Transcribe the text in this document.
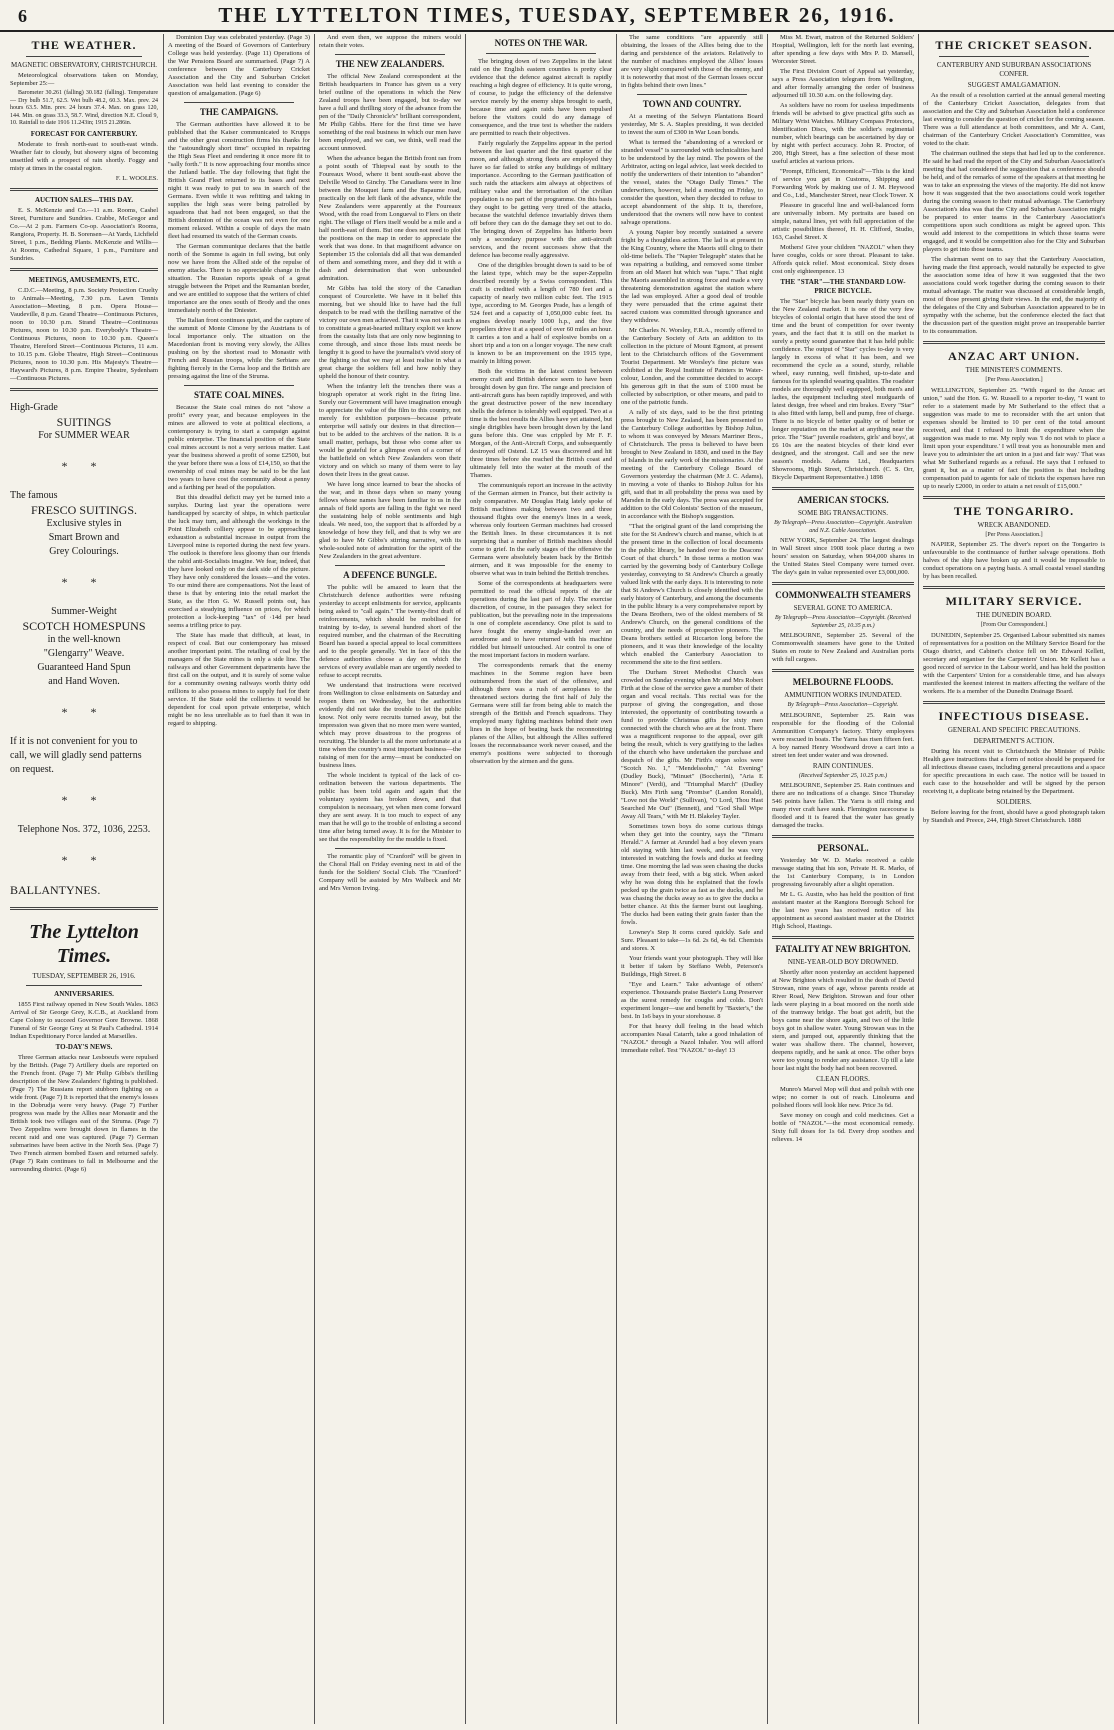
6	THE LYTTELTON TIMES, TUESDAY, SEPTEMBER 26, 1916.
THE WEATHER.
MAGNETIC OBSERVATORY, CHRISTCHURCH.

Meteorological observations taken on Monday, September 25:—

Barometer 30.261 (falling) 30.182 (falling). Temperature— Dry bulb 51.7, 62.5. Wet bulb 48.2, 60.3. Max. prev. 24 hours 63.5. Min. prev. 24 hours 37.4. Max. on grass 120, 144. Min. on grass 33.3, 58.7. Wind, direction N.E. Cloud 9, 10. Rainfall to date 1916 11.243in; 1915 21.286in.

FORECAST FOR CANTERBURY.

Moderate to fresh north-east to south-east winds. Weather fair to cloudy, but showery signs of becoming unsettled with a prospect of rain shortly. Foggy and misty at times in the coastal region.

F. L. WOOLES.
AUCTION SALES—THIS DAY.

E. S. McKenzie and Co.—11 a.m. Rooms, Cashel Street, Furniture and Sundries. Crabbe, McGregor and Co.—At 2 p.m. Farmers Co-op. Association's Rooms, Rangiora, Property. H. B. Sorensen—At Yards, Lichfield Street, 1 p.m., Bedding Plants. McKenzie and Willis—At Rooms, Cathedral Square, 1 p.m., Furniture and Sundries.

MEETINGS, AMUSEMENTS, ETC.

C.D.C.—Meeting, 8 p.m. Society Protection Cruelty to Animals—Meeting, 7.30 p.m. Lawn Tennis Association—Meeting, 8 p.m. Opera House—Vaudeville, 8 p.m. Grand Theatre—Continuous Pictures, noon to 10.30 p.m. Strand Theatre—Continuous Pictures, noon to 10.30 p.m. Everybody's Theatre—Continuous Pictures, noon to 10.30 p.m. Queen's Theatre, Hereford Street—Continuous Pictures, 11 a.m. to 10.15 p.m. Globe Theatre, High Street—Continuous Pictures, noon to 10.30 p.m. His Majesty's Theatre—Hayward's Pictures, 8 p.m. Empire Theatre, Sydenham—Continuous Pictures.

High-Grade
SUITINGS
For SUMMER WEAR
* *
The famous
FRESCO SUITINGS.
Exclusive styles in
Smart Brown and
Grey Colourings.
* *
Summer-Weight
SCOTCH HOMESPUNS
in the well-known
"Glengarry" Weave.
Guaranteed Hand Spun
and Hand Woven.
* *
If it is not convenient for you to
call, we will gladly send patterns
on request.
* *
Telephone Nos. 372, 1036, 2253.
* *
BALLANTYNES.
The Lyttelton Times.
TUESDAY, SEPTEMBER 26, 1916.
ANNIVERSARIES.

1855 First railway opened in New South Wales. 1863 Arrival of Sir George Grey, K.C.B., at Auckland from Cape Colony to succeed Governor Gore Browne. 1868 Funeral of Sir George Grey at St Paul's Cathedral. 1914 Indian Expeditionary Force landed at Marseilles.

TO-DAY'S NEWS.

Three German attacks near Lesboeufs were repulsed by the British. (Page 7) Artillery duels are reported on the French front. (Page 7) Mr Philip Gibbs's thrilling description of the New Zealanders' fighting is published. (Page 7) The Russians report stubborn fighting on a wide front. (Page 7) It is reported that the enemy's losses in the Dobrudja were very heavy. (Page 7) Further progress was made by the Allies near Monastir and the British took two villages east of the Struma. (Page 7) Two Zeppelins were brought down in flames in the recent raid and one was captured. (Page 7) German submarines have been active in the North Sea. (Page 7) Two French airmen bombed Essen and returned safely. (Page 7) Rain continues to fall in Melbourne and the surrounding district. (Page 6)

Dominion Day was celebrated yesterday. (Page 3) A meeting of the Board of Governors of Canterbury College was held yesterday. (Page 11) Operations of the War Pensions Board are summarised. (Page 7) A conference between the Canterbury Cricket Association and the City and Suburban Cricket Association was held last evening to consider the question of amalgamation. (Page 6)

THE CAMPAIGNS.

The German authorities have allowed it to be published that the Kaiser communicated to Krupps and the other great construction firms his thanks for the "astoundingly short time" occupied in repairing the High Seas Fleet and rendering it once more fit to "sally forth." It is now approaching four months since the Jutland battle. The day following that fight the British Grand Fleet returned to its bases and next night it was ready to put to sea in search of the Germans. Even while it was refitting and taking in supplies the high seas were being patrolled by squadrons that had not been engaged, so that the British dominion of the ocean was not even for one moment relaxed. Within a couple of days the main fleet had resumed its watch of the German coasts.

The German communique declares that the battle north of the Somme is again in full swing, but only now we have from the Allied side of the repulse of enemy attacks. There is no appreciable change in the situation. The Russian reports speak of a great struggle between the Pripet and the Rumanian border, and we are entitled to suppose that the writers of chief importance are the ones south of Brody and the ones immediately north of the Dniester.

The Italian front continues quiet, and the capture of the summit of Monte Cimone by the Austrians is of local importance only. The situation on the Macedonian front is moving very slowly, the Allies pushing on by the shortest road to Monastir with French and Russian troops, while the Serbians are fighting fiercely in the Cerna loop and the British are pressing against the line of the Struma.

STATE COAL MINES.

Because the State coal mines do not "show a profit" every year, and because employees in the mines are allowed to vote at political elections, a contemporary is trying to start a campaign against public enterprise. The financial position of the State coal mines account is not a very serious matter. Last year the business showed a profit of some £2500, but the year before there was a loss of £14,150, so that the ownership of coal mines may be said to be the last two years to have cost the community about a penny and a farthing per head of the population.

But this dreadful deficit may yet be turned into a surplus. During last year the operations were handicapped by scarcity of ships, in which particular the luck may turn, and although the workings in the Point Elizabeth colliery appear to be approaching exhaustion a substantial increase in output from the Liverpool mine is reported during the next few years. The outlook is therefore less gloomy than our friends the rabid anti-Socialists imagine. We fear, indeed, that they have looked only on the dark side of the picture. They have only considered the losses—and the votes. To our mind there are compensations. Not the least of these is that by entering into the retail market the State, as the Hon G. W. Russell points out, has exercised a steadying influence on prices, for which protection a lock-keeping "tax" of ·14d per head seems a trifling price to pay.

The State has made that difficult, at least, in respect of coal. But our contemporary has missed another important point. The retailing of coal by the managers of the State mines is only a side line. The railways and other Government departments have the first call on the output, and it is surely of some value for a community owning railways worth thirty odd millions to also possess mines to supply fuel for their service. If the State sold the collieries it would be dependent for coal upon private enterprise, which might be no less unreliable as to fuel than it was in regard to shipping.

And even then, we suppose the miners would retain their votes.

THE NEW ZEALANDERS.

The official New Zealand correspondent at the British headquarters in France has given us a very brief outline of the operations in which the New Zealand troops have been engaged, but to-day we have a full and thrilling story of the advance from the pen of the "Daily Chronicle's" brilliant correspondent, Mr Philip Gibbs. Here for the first time we have something of the real business in which our men have been employed, and we can, we think, well read the account unmoved.

When the advance began the British front ran from a point south of Thiepval east by south to the Foureaux Wood, where it bent south-east above the Delville Wood to Ginchy. The Canadians were in line between the Mouquet farm and the Bapaume road, practically on the left flank of the advance, while the New Zealanders were apparently at the Foureaux Wood, with the road from Longueval to Flers on their right. The village of Flers itself would be a mile and a half north-east of them. But one does not need to plot the positions on the map in order to appreciate the work that was done. In that magnificent advance on September 15 the colonials did all that was demanded of them and something more, and they did it with a dash and determination that won unbounded admiration.

Mr Gibbs has told the story of the Canadian conquest of Courcelette. We have in it belief this morning, but we should like to have had the full despatch to be read with the thrilling narrative of the victory our own men achieved. That it was not such as to constitute a great-hearted military exploit we know from the casualty lists that are only now beginning to come through, and since those lists must needs be lengthy it is good to have the journalist's vivid story of the fighting so that we may at least realise in what a great charge the soldiers fell and how nobly they upheld the honour of their country.

When the infantry left the trenches there was a biograph operator at work right in the firing line. Surely our Government will have imagination enough to appreciate the value of the film to this country, not merely for exhibition purposes—because private enterprise will satisfy our desires in that direction—but to be added to the archives of the nation. It is a small matter, perhaps, but those who come after us would be grateful for a glimpse even of a corner of the battlefield on which New Zealanders won their victory and on which so many of them were to lay down their lives in the great cause.

We have long since learned to bear the shocks of the war, and in those days when so many young fellows whose names have been familiar to us in the annals of field sports are falling in the fight we need the sustaining help of noble sentiments and high ideals. We need, too, the support that is afforded by a knowledge of how they fell, and that is why we are glad to have Mr Gibbs's stirring narrative, with its whole-souled note of admiration for the spirit of the New Zealanders in the great adventure.

A DEFENCE BUNGLE.

The public will be amazed to learn that the Christchurch defence authorities were refusing yesterday to accept enlistments for service, applicants being asked to "call again." The twenty-first draft of reinforcements, which should be mobilised for training by to-day, is several hundred short of the required number, and the chairman of the Recruiting Board has issued a special appeal to local committees and to the people generally. Yet in face of this the defence authorities choose a day on which the services of every available man are urgently needed to refuse to accept recruits.

We understand that instructions were received from Wellington to close enlistments on Saturday and reopen them on Wednesday, but the authorities evidently did not take the trouble to let the public know. Not only were recruits turned away, but the impression was given that no more men were wanted, which may prove disastrous to the progress of recruiting. The blunder is all the more unfortunate at a time when the country's most important business—the raising of men for the army—must be conducted on business lines.

The whole incident is typical of the lack of co-ordination between the various departments. The public has been told again and again that the voluntary system has broken down, and that compulsion is necessary, yet when men come forward they are sent away. It is too much to expect of any man that he will go to the trouble of enlisting a second time after being turned away. It is for the Minister to see that the responsibility for the muddle is fixed.

The romantic play of "Cranford" will be given in the Choral Hall on Friday evening next in aid of the funds for the Soldiers' Social Club. The "Cranford" Company will be assisted by Mrs Walbeck and Mr and Mrs Vernon Irving.

NOTES ON THE WAR.

The bringing down of two Zeppelins in the latest raid on the English eastern counties is pretty clear evidence that the defence against aircraft is rapidly reaching a high degree of efficiency. It is quite wrong, of course, to judge the efficiency of the defensive service merely by the enemy ships brought to earth, because time and again raids have been repulsed before the visitors could do any damage of consequence, and the true test is whether the raiders are permitted to reach their objectives.

Fairly regularly the Zeppelins appear in the period between the last quarter and the first quarter of the moon, and although strong fleets are employed they have so far failed to strike any buildings of military importance. According to the German justification of such raids the attackers aim always at objectives of military value and the terrorisation of the civilian population is no part of the programme. On this basis they ought to be getting very tired of the attacks, because the watchful defence invariably drives them off before they can do the damage they set out to do. The bringing down of Zeppelins has hitherto been only a secondary purpose with the anti-aircraft services, and the recent successes show that the defence has become really aggressive.

One of the dirigibles brought down is said to be of the latest type, which may be the super-Zeppelin described recently by a Swiss correspondent. This craft is credited with a length of 780 feet and a capacity of nearly two million cubic feet. The 1915 type, according to M. Georges Prade, has a length of 524 feet and a capacity of 1,050,000 cubic feet. Its engines develop nearly 1000 h.p., and the five propellers drive it at a speed of over 60 miles an hour. It carries a ton and a half of explosive bombs on a short trip and a ton on a longer voyage. The new craft is known to be an improvement on the 1915 type, mainly in lifting power.

Both the victims in the latest contest between enemy craft and British defence seem to have been brought down by gun fire. The range and precision of anti-aircraft guns has been rapidly improved, and with the great destructive power of the new incendiary shells the defence is tolerably well equipped. Two at a time is the best results the Allies have yet attained, but single dirigibles have been brought down by the land guns before this. One was crippled by Mr F. F. Morgan, of the Anti-Aircraft Corps, and subsequently destroyed off Ostend. LZ 15 was discovered and hit three times before she reached the British coast and ultimately fell into the water at the mouth of the Thames.

The communiqués report an increase in the activity of the German airmen in France, but their activity is only comparative. Mr Douglas Haig lately spoke of British machines making between two and three thousand flights over the enemy's lines in a week, whereas only fourteen German machines had crossed the British lines. In these circumstances it is not surprising that a number of British machines should come to grief. In the early stages of the offensive the Germans were absolutely beaten back by the British airmen, and it was impossible for the enemy to observe what was in train behind the British trenches.

Some of the correspondents at headquarters were permitted to read the official reports of the air operations during the last part of July. The exercise discretion, of course, in the passages they select for publication, but the prevailing note in the impressions is one of complete ascendancy. One pilot is said to have fought the enemy single-handed over an aerodrome and to have returned with his machine riddled but himself untouched. Air control is one of the most important factors in modern warfare.

The correspondents remark that the enemy machines in the Somme region have been outnumbered from the start of the offensive, and although there was a rush of aeroplanes to the threatened sectors during the first half of July the Germans were still far from being able to match the strength of the British and French squadrons. They employed many fighting machines behind their own lines in the hope of beating back the reconnoitring planes of the Allies, but although the Allies suffered losses the reconnaissance work never ceased, and the enemy's positions were subjected to thorough observation by the airmen and the guns.

The same conditions "are apparently still obtaining, the losses of the Allies being due to the daring and persistence of the aviators. Relatively to the number of machines employed the Allies' losses are very slight compared with those of the enemy, and it is noteworthy that most of the German losses occur in fights behind their own lines."

TOWN AND COUNTRY.

At a meeting of the Selwyn Plantations Board yesterday, Mr S. A. Staples presiding, it was decided to invest the sum of £300 in War Loan bonds.

What is termed the "abandoning of a wrecked or stranded vessel" is surrounded with technicalities hard to be understood by the lay mind. The powers of the Arbitrator, acting on legal advice, last week decided to notify the underwriters of their intention to "abandon" the vessel, states the "Otago Daily Times." The underwriters, however, held a meeting on Friday, to consider the question, when they decided to refuse to accept abandonment of the ship. It is, therefore, understood that the owners will now have to contest salvage operations.

A young Napier boy recently sustained a severe fright by a thoughtless action. The lad is at present in the King Country, where the Maoris still cling to their old-time beliefs. The "Napier Telegraph" states that he was repairing a building, and removed some timber from an old Maori hut which was "tapu." That night the Maoris assembled in strong force and made a very threatening demonstration against the station where the lad was employed. After a good deal of trouble they were persuaded that the crime against their sacred custom was committed through ignorance and they withdrew.

Mr Charles N. Worsley, F.R.A., recently offered to the Canterbury Society of Arts an addition to its collection in the picture of Mount Egmont, at present lent to the Christchurch offices of the Government Tourist Department. Mr Worsley's fine picture was exhibited at the Royal Institute of Painters in Water-colour, London, and the committee decided to accept his generous gift in that the sum of £100 must be collected by subscription, or other means, and paid to one of the patriotic funds.

A rally of six days, said to be the first printing press brought to New Zealand, has been presented to the Canterbury College authorities by Bishop Julius, to whom it was conveyed by Messrs Marriner Bros., of Christchurch. The press is believed to have been brought to New Zealand in 1830, and used in the Bay of Islands in the early work of the missionaries. At the meeting of the Canterbury College Board of Governors yesterday the chairman (Mr J. C. Adams), in moving a vote of thanks to Bishop Julius for his gift, said that in all probability the press was used by Marsden in the early days. The press was accepted for addition to the Old Colonists' Section of the museum, in accordance with the Bishop's suggestion.

"That the original grant of the land comprising the site for the St Andrew's church and manse, which is at the present time in the collection of local documents in the public library, be handed over to the Deacons' Court of that church." In those terms a motion was carried by the governing body of Canterbury College yesterday, conveying to St Andrew's Church a greatly valued link with the early days. It is interesting to note that St Andrew's Church is closely identified with the early history of Canterbury, and among the documents in the public library is a very comprehensive report by the Deans Brothers, two of the oldest members of St Andrew's Church, on the general conditions of the country, and the needs of prospective pioneers. The Deans brothers settled at Riccarton long before the pioneers, and it was their knowledge of the locality which enabled the Canterbury Association to recommend the site to the first settlers.

The Durham Street Methodist Church was crowded on Sunday evening when Mr and Mrs Robert Firth at the close of the service gave a number of their organ and vocal recitals. This recital was for the purpose of giving the congregation, and those interested, the opportunity of contributing towards a fund to provide Christmas gifts for sixty men connected with the church who are at the front. There was a magnificent response to the appeal, over gift being the result, which is very gratifying to the ladies of the church who have undertaken the purchase and despatch of the gifts. Mr Firth's organ solos were "Scotch No. 1," "Mendelssohn," "At Evening" (Dudley Buck), "Minuet" (Boccherini), "Aria E Minore" (Verdi), and "Triumphal March" (Dudley Buck). Mrs Firth sang "Promise" (Landon Ronald), "Love not the World" (Sullivan), "O Lord, Thou Hast Searched Me Out" (Bennett), and "God Shall Wipe Away All Tears," with Mr H. Blakeley Tayler.

Sometimes town boys do some curious things when they get into the country, says the "Timaru Herald." A farmer at Arundel had a boy eleven years old staying with him last week, and he was very interested in watching the fowls and ducks at feeding time. One morning the lad was seen chasing the ducks away from their feed, with a big stick. When asked why he was doing this he explained that the fowls pecked up the grain twice as fast as the ducks, and he was chasing the ducks away so as to give the ducks a better chance. At this the farmer burst out laughing. The ducks had been eating their grain faster than the fowls.

Lowney's Step It corns cured quickly. Safe and Sure. Pleasant to take—1s 6d. 2s 6d, 4s 6d. Chemists and stores. X

Your friends want your photograph. They will like it better if taken by Steffano Webb, Peterson's Buildings, High Street. 8

"Eye and Learn." Take advantage of others' experience. Thousands praise Baxter's Lung Preserver as the surest remedy for coughs and colds. Don't experiment longer—use and benefit by "Baxter's," the best. In 1s6 bays in your storehouse. 8

For that heavy dull feeling in the head which accompanies Nasal Catarrh, take a good inhalation of "NAZOL" through a Nazol Inhaler. You will afford immediate relief. Test "NAZOL" to-day! 13

Miss M. Ewart, matron of the Returned Soldiers' Hospital, Wellington, left for the north last evening, after spending a few days with Mrs P. D. Mansell, Worcester Street.

The First Division Court of Appeal sat yesterday, says a Press Association telegram from Wellington, and after formally arranging the order of business adjourned till 10.30 a.m. on the following day.

As soldiers have no room for useless impediments friends will be advised to give practical gifts such as Military Wrist Watches. Military Compass Protectors, Identification Discs, with the soldier's regimental number, which bearings can be ascertained by day or by night with perfect accuracy. John R. Proctor, of 200, High Street, has a fine selection of these most useful articles at various prices.

"Prompt, Efficient, Economical"—This is the kind of service you get in Customs, Shipping and Forwarding Work by making use of J. M. Heywood and Co., Ltd., Manchester Street, near Clock Tower. X

Pleasure in graceful line and well-balanced form are universally inborn. My portraits are based on simple, natural lines, yet with full appreciation of the artistic possibilities thereof, H. H. Clifford, Studio, 163, Cashel Street. X

Mothers! Give your children "NAZOL" when they have coughs, colds or sore throat. Pleasant to take. Affords quick relief. Most economical. Sixty doses cost only eighteenpence. 13

THE "STAR"—THE STANDARD LOW-PRICE BICYCLE.

The "Star" bicycle has been nearly thirty years on the New Zealand market. It is one of the very few bicycles of colonial origin that have stood the test of time and the brunt of competition for over twenty years, and the fact that it is still on the market is surely a pretty sound guarantee that it has held public confidence. The output of "Star" cycles to-day is very largely in excess of what it has been, and we recommend the cycle as a sound, sturdy, reliable wheel, easy running, well finished, up-to-date and famous for its splendid wearing qualities. The roadster models are thoroughly well equipped, both men's and ladies, the equipment including steel mudguards of latest design, free wheel and rim brakes. Every "Star" is also fitted with lamp, bell and pump, free of charge. There is no bicycle of better quality or of better or longer reputation on the market at anything near the price. The "Star" juvenile roadsters, girls' and boys', at £6 10s are the neatest bicycles of their kind ever designed, and the strongest. Call and see the new season's models. Adams Ltd., Headquarters Showrooms, High Street, Christchurch. (C. S. Orr, Bicycle Department Representative.) 1898

AMERICAN STOCKS.
SOME BIG TRANSACTIONS.
By Telegraph—Press Association—Copyright. Australian and N.Z. Cable Association.

NEW YORK, September 24. The largest dealings in Wall Street since 1908 took place during a two hours' session on Saturday, when 904,000 shares in the United States Steel Company were turned over. The day's gain in value represented over £3,000,000.

COMMONWEALTH STEAMERS
SEVERAL GONE TO AMERICA.
By Telegraph—Press Association—Copyright. (Received September 25, 10.35 p.m.)

MELBOURNE, September 25. Several of the Commonwealth steamers have gone to the United States en route to New Zealand and Australian ports with full cargoes.

MELBOURNE FLOODS.
AMMUNITION WORKS INUNDATED.
By Telegraph—Press Association—Copyright.

MELBOURNE, September 25. Rain was responsible for the flooding of the Colonial Ammunition Company's factory. Thirty employees were rescued in boats. The Yarra has risen fifteen feet. A boy named Henry Woodward drove a cart into a street ten feet under water and was drowned.

RAIN CONTINUES.
(Received September 25, 10.25 p.m.)

MELBOURNE, September 25. Rain continues and there are no indications of a change. Since Thursday 546 points have fallen. The Yarra is still rising and many river craft have sunk. Flemington racecourse is flooded and it is feared that the water has greatly damaged the tracks.

PERSONAL.

Yesterday Mr W. D. Marks received a cable message stating that his son, Private H. R. Marks, of the 1st Canterbury Company, is in London progressing favourably after a slight operation.

Mr L. G. Austin, who has held the position of first assistant master at the Rangiora Borough School for the last two years has received notice of his appointment as second assistant master at the District High School, Hastings.

FATALITY AT NEW BRIGHTON.
NINE-YEAR-OLD BOY DROWNED.

Shortly after noon yesterday an accident happened at New Brighton which resulted in the death of David Strowan, nine years of age, whose parents reside at River Road, New Brighton. Strowan and four other lads were playing in a boat moored on the north side of the tramway bridge. The boat got adrift, but the boys came near the shore again, and two of the little boys got in shallow water. Young Strowan was in the stern, and jumped out, apparently thinking that the water was shallow there. The channel, however, deepens rapidly, and he sank at once. The other boys were too young to render any assistance. Up till a late hour last night the body had not been recovered.

CLEAN FLOORS.

Munro's Marvel Mop will dust and polish with one wipe; no corner is out of reach. Linoleums and polished floors will look like new. Price 3s 6d.

Save money on cough and cold medicines. Get a bottle of "NAZOL"—the most economical remedy. Sixty full doses for 1s 6d. Every drop soothes and relieves. 14

THE CRICKET SEASON.
CANTERBURY AND SUBURBAN ASSOCIATIONS CONFER.
SUGGEST AMALGAMATION.

As the result of a resolution carried at the annual general meeting of the Canterbury Cricket Association, delegates from that association and the City and Suburban Association held a conference last evening to consider the question of cricket for the coming season. There was a full attendance at both committees, and Mr A. Cant, chairman of the Canterbury Cricket Association's Committee, was voted to the chair.

The chairman outlined the steps that had led up to the conference. He said he had read the report of the City and Suburban Association's meeting that had considered the suggestion that a conference should be held, and of the remarks of some of the speakers at that meeting he was to take an expressing the views of the majority. He did not know how it was suggested that the two associations could work together during the coming season to their mutual advantage. The Canterbury Association's idea was that the City and Suburban Association might be prepared to enter teams in the Canterbury Association's competitions upon such conditions as might be agreed upon. This would add interest to the competitions in which those teams were engaged, and it would be competition also for the City and Suburban players to get into those teams.

The chairman went on to say that the Canterbury Association, having made the first approach, would naturally be expected to give the association some idea of how it was suggested that the two associations could work together during the coming season to their mutual advantage. The matter was discussed at considerable length, most of those present giving their views. In the end, the majority of the delegates of the City and Suburban Association appeared to be in sympathy with the scheme, but the conference elected the fact that the discussion part of the question might prove an insuperable barrier to its consummation.

ANZAC ART UNION.
THE MINISTER'S COMMENTS.
[Per Press Association.]

WELLINGTON, September 25. "With regard to the Anzac art union," said the Hon. G. W. Russell to a reporter to-day, "I want to refer to a statement made by Mr Sutherland to the effect that a suggestion was made to me to reconsider with the art union that expenses should be limited to 10 per cent of the total amount received, and that I refused to limit the expenditure when the suggestion was made to me. My reply was 'I do not wish to place a limit upon your expenditure.' I will treat you as honourable men and leave you to administer the art union in a just and fair way.' That was what Mr Sutherland regards as a refusal. He says that I refused to grant it, but as a matter of fact the position is that including compensation paid to agents for sale of tickets the expenses have run up to nearly £2000, in order to attain a net result of £15,000."

THE TONGARIRO.
WRECK ABANDONED.
[Per Press Association.]

NAPIER, September 25. The diver's report on the Tongariro is unfavourable to the continuance of further salvage operations. Both halves of the ship have broken up and it would be impossible to conduct operations on a paying basis. A small coastal vessel standing by has been recalled.

MILITARY SERVICE.
THE DUNEDIN BOARD.
[From Our Correspondent.]

DUNEDIN, September 25. Organised Labour submitted six names of representatives for a position on the Military Service Board for the Otago district, and Cabinet's choice fell on Mr Edward Kellett, secretary and organiser for the Carpenters' Union. Mr Kellett has a good record of service in the Labour world, and has held the position with the Carpenters' Union for a considerable time, and has always manifested the keenest interest in matters affecting the welfare of the workers. He is a member of the Dunedin Drainage Board.

INFECTIOUS DISEASE.
GENERAL AND SPECIFIC PRECAUTIONS.
DEPARTMENT'S ACTION.

During his recent visit to Christchurch the Minister of Public Health gave instructions that a form of notice should be prepared for all infectious disease cases, including general precautions and a space for specific precautions in each case. The notice will be issued in each case to the householder and will be signed by the person receiving it, a duplicate being retained by the Department.

SOLDIERS.

Before leaving for the front, should have a good photograph taken by Standish and Preece, 244, High Street Christchurch. 1888
